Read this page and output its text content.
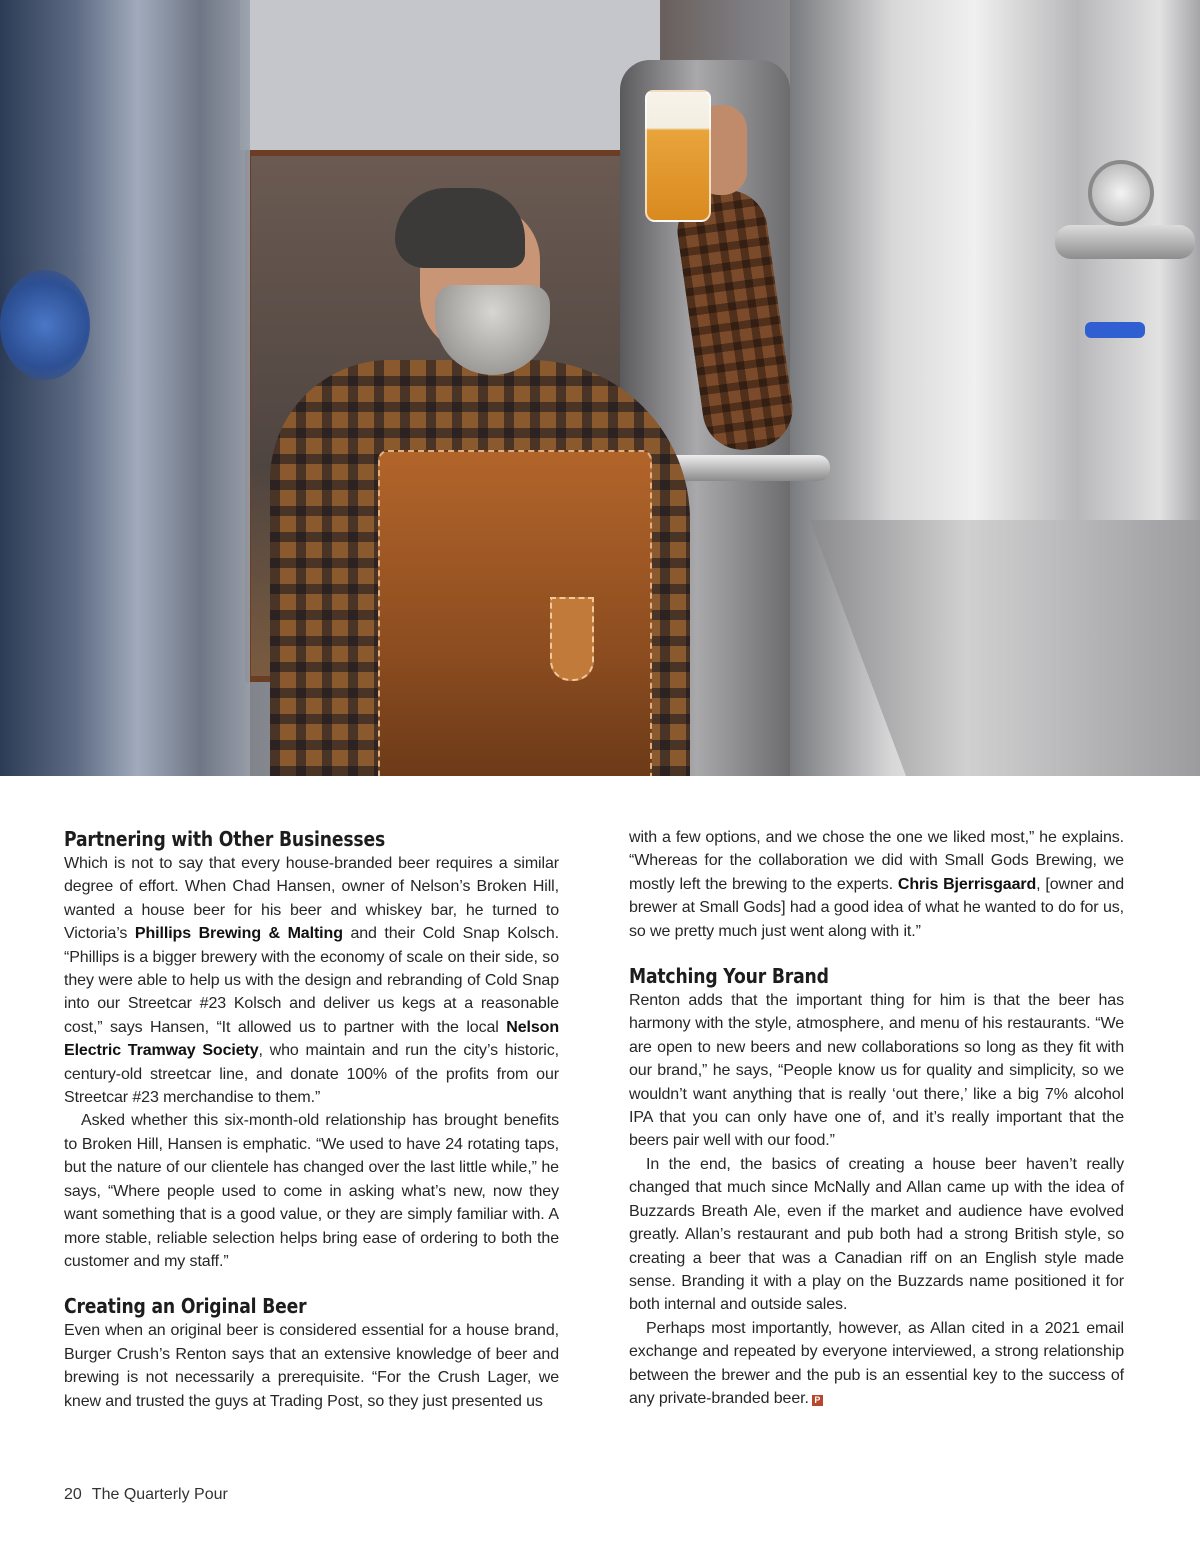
Partnering with Other Businesses

Which is not to say that every house-branded beer requires a similar degree of effort. When Chad Hansen, owner of Nelson’s Broken Hill, wanted a house beer for his beer and whiskey bar, he turned to Victoria’s Phillips Brewing & Malting and their Cold Snap Kolsch. “Phillips is a bigger brewery with the economy of scale on their side, so they were able to help us with the design and rebranding of Cold Snap into our Streetcar #23 Kolsch and deliver us kegs at a reasonable cost,” says Hansen, “It allowed us to partner with the local Nelson Electric Tramway Society, who maintain and run the city’s historic, century-old streetcar line, and donate 100% of the profits from our Streetcar #23 merchandise to them.”

Asked whether this six-month-old relationship has brought benefits to Broken Hill, Hansen is emphatic. “We used to have 24 rotating taps, but the nature of our clientele has changed over the last little while,” he says, “Where people used to come in asking what’s new, now they want something that is a good value, or they are simply familiar with. A more stable, reliable selection helps bring ease of ordering to both the customer and my staff.”

Creating an Original Beer

Even when an original beer is considered essential for a house brand, Burger Crush’s Renton says that an extensive knowledge of beer and brewing is not necessarily a prerequisite. “For the Crush Lager, we knew and trusted the guys at Trading Post, so they just presented us

with a few options, and we chose the one we liked most,” he explains. “Whereas for the collaboration we did with Small Gods Brewing, we mostly left the brewing to the experts. Chris Bjerrisgaard, [owner and brewer at Small Gods] had a good idea of what he wanted to do for us, so we pretty much just went along with it.”

Matching Your Brand

Renton adds that the important thing for him is that the beer has harmony with the style, atmosphere, and menu of his restaurants. “We are open to new beers and new collaborations so long as they fit with our brand,” he says, “People know us for quality and simplicity, so we wouldn’t want anything that is really ‘out there,’ like a big 7% alcohol IPA that you can only have one of, and it’s really important that the beers pair well with our food.”

In the end, the basics of creating a house beer haven’t really changed that much since McNally and Allan came up with the idea of Buzzards Breath Ale, even if the market and audience have evolved greatly. Allan’s restaurant and pub both had a strong British style, so creating a beer that was a Canadian riff on an English style made sense. Branding it with a play on the Buzzards name positioned it for both internal and outside sales.

Perhaps most importantly, however, as Allan cited in a 2021 email exchange and repeated by everyone interviewed, a strong relationship between the brewer and the pub is an essential key to the success of any private-branded beer. P

20 The Quarterly Pour
